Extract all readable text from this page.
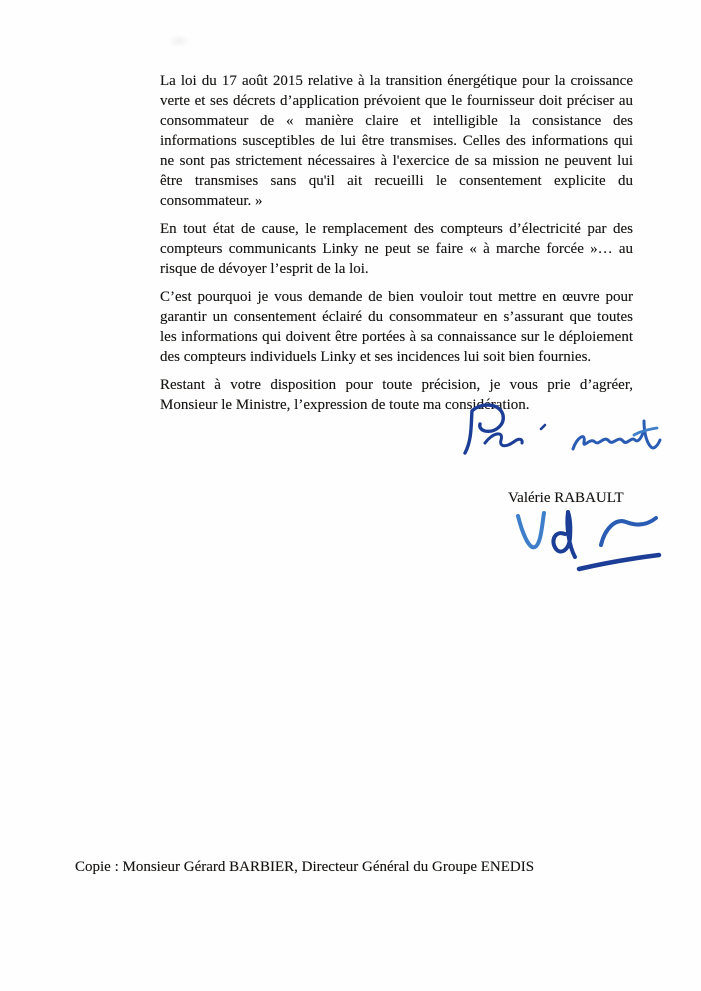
La loi du 17 août 2015 relative à la transition énergétique pour la croissance verte et ses décrets d’application prévoient que le fournisseur doit préciser au consommateur de « manière claire et intelligible la consistance des informations susceptibles de lui être transmises. Celles des informations qui ne sont pas strictement nécessaires à l'exercice de sa mission ne peuvent lui être transmises sans qu'il ait recueilli le consentement explicite du consommateur. »

En tout état de cause, le remplacement des compteurs d’électricité par des compteurs communicants Linky ne peut se faire « à marche forcée »… au risque de dévoyer l’esprit de la loi.

C’est pourquoi je vous demande de bien vouloir tout mettre en œuvre pour garantir un consentement éclairé du consommateur en s’assurant que toutes les informations qui doivent être portées à sa connaissance sur le déploiement des compteurs individuels Linky et ses incidences lui soit bien fournies.

Restant à votre disposition pour toute précision, je vous prie d’agréer, Monsieur le Ministre, l’expression de toute ma considération.

Valérie RABAULT
Copie : Monsieur Gérard BARBIER, Directeur Général du Groupe ENEDIS
